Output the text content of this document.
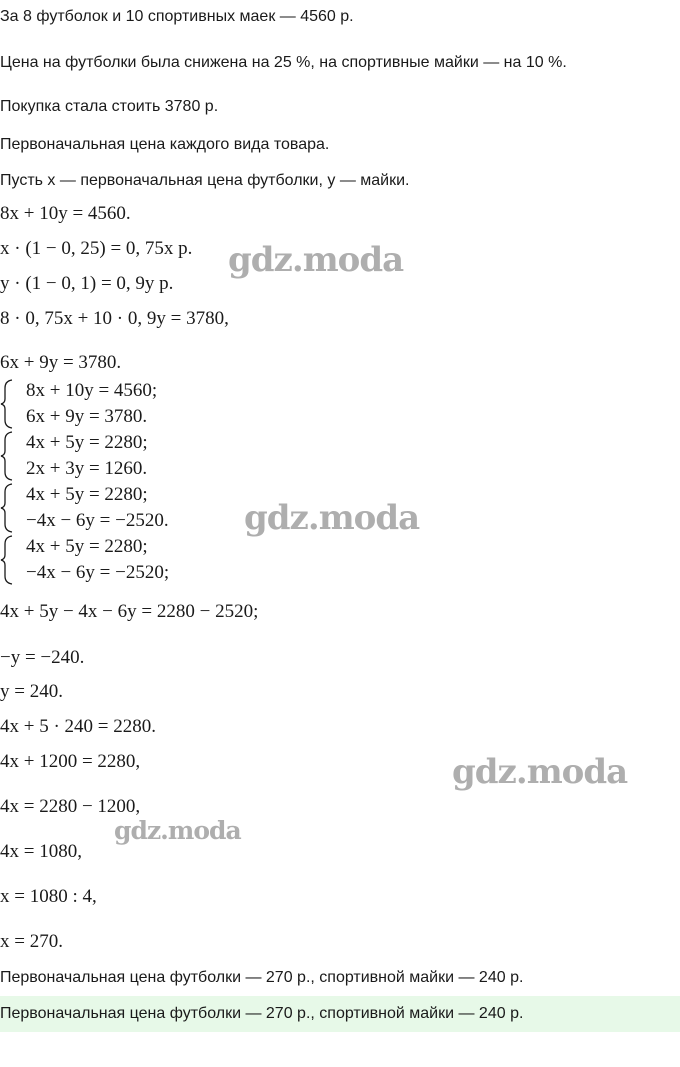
За 8 футболок и 10 спортивных маек — 4560 р.
Цена на футболки была снижена на 25 %, на спортивные майки — на 10 %.
Покупка стала стоить 3780 р.
Первоначальная цена каждого вида товара.
Пусть x — первоначальная цена футболки, y — майки.
8x + 10y = 4560.
x · (1 − 0, 25) = 0, 75x р.
y · (1 − 0, 1) = 0, 9y р.
8 · 0, 75x + 10 · 0, 9y = 3780,
6x + 9y = 3780.
8x + 10y = 4560;
6x + 9y = 3780.
4x + 5y = 2280;
2x + 3y = 1260.
4x + 5y = 2280;
−4x − 6y = −2520.
4x + 5y = 2280;
−4x − 6y = −2520;
4x + 5y − 4x − 6y = 2280 − 2520;
−y = −240.
y = 240.
4x + 5 · 240 = 2280.
4x + 1200 = 2280,
4x = 2280 − 1200,
4x = 1080,
x = 1080 : 4,
x = 270.
Первоначальная цена футболки — 270 р., спортивной майки — 240 р.
Первоначальная цена футболки — 270 р., спортивной майки — 240 р.
gdz.moda
gdz.moda
gdz.moda
gdz.moda
